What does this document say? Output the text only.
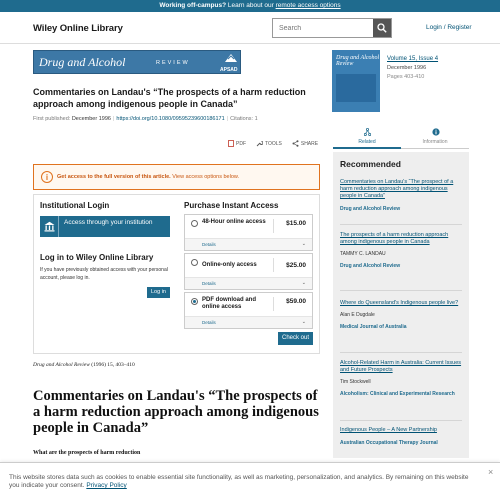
Working off-campus? Learn about our remote access options
Wiley Online Library
Search	Login / Register
Drug and Alcohol	REVIEW
APSAD
Commentaries on Landau's “The prospects of a harm reduction approach among indigenous people in Canada”
First published: December 1996 | https://doi.org/10.1080/09595239600186171 | Citations: 1
PDF	TOOLS	SHARE
i	Get access to the full version of this article. View access options below.
Institutional Login
Access through your institution
Log in to Wiley Online Library
If you have previously obtained access with your personal account, please log in.
Log in
Purchase Instant Access
48-Hour online access	$15.00
Details	⌄
Online-only access	$25.00
Details	⌄
PDF download and online access
$59.00
Details	⌄
Check out
Drug and Alcohol Review (1996) 15, 403–410
Commentaries on Landau's “The prospects of a harm reduction approach among indigenous people in Canada”
What are the prospects of harm reduction
Drug and Alcohol Review
Volume 15, Issue 4
December 1996
Pages 403-410
Related	Information
Recommended
Commentaries on Landau's “The prospect of a harm reduction approach among indigenous people in Canada”
Drug and Alcohol Review
The prospects of a harm reduction approach among indigenous people in Canada
TAMMY C. LANDAU
Drug and Alcohol Review
Where do Queensland's Indigenous people live?
Alan E Dugdale
Medical Journal of Australia
Alcohol-Related Harm in Australia: Current Issues and Future Prospects
Tim Stockwell
Alcoholism: Clinical and Experimental Research
Indigenous People – A New Partnership
Australian Occupational Therapy Journal
This website stores data such as cookies to enable essential site functionality, as well as marketing, personalization, and analytics. By remaining on this website you indicate your consent. Privacy Policy
×
